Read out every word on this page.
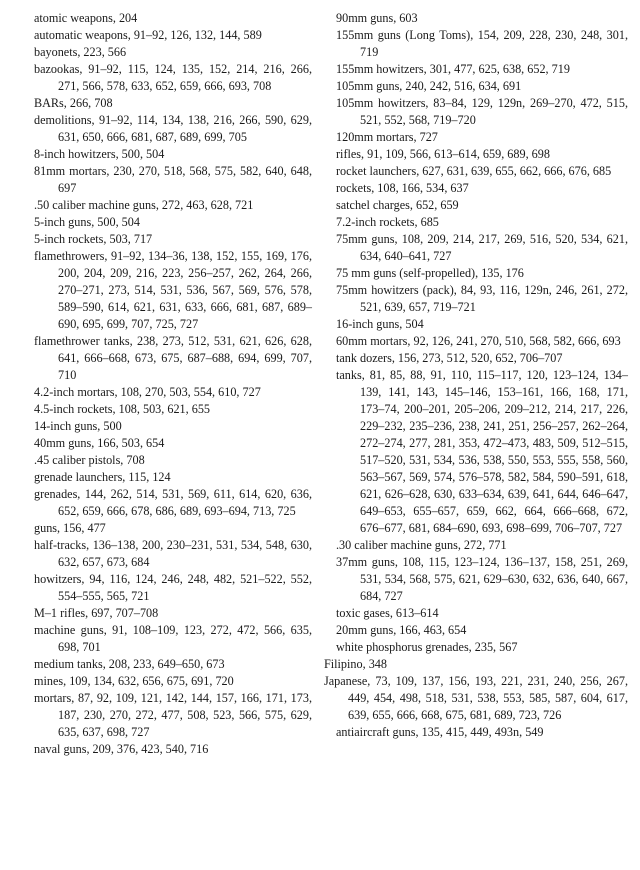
atomic weapons, 204

automatic weapons, 91–92, 126, 132, 144, 589

bayonets, 223, 566

bazookas, 91–92, 115, 124, 135, 152, 214, 216, 266, 271, 566, 578, 633, 652, 659, 666, 693, 708

BARs, 266, 708

demolitions, 91–92, 114, 134, 138, 216, 266, 590, 629, 631, 650, 666, 681, 687, 689, 699, 705

8-inch howitzers, 500, 504

81mm mortars, 230, 270, 518, 568, 575, 582, 640, 648, 697

.50 caliber machine guns, 272, 463, 628, 721

5-inch guns, 500, 504

5-inch rockets, 503, 717

flamethrowers, 91–92, 134–36, 138, 152, 155, 169, 176, 200, 204, 209, 216, 223, 256–257, 262, 264, 266, 270–271, 273, 514, 531, 536, 567, 569, 576, 578, 589–590, 614, 621, 631, 633, 666, 681, 687, 689–690, 695, 699, 707, 725, 727

flamethrower tanks, 238, 273, 512, 531, 621, 626, 628, 641, 666–668, 673, 675, 687–688, 694, 699, 707, 710

4.2-inch mortars, 108, 270, 503, 554, 610, 727

4.5-inch rockets, 108, 503, 621, 655

14-inch guns, 500

40mm guns, 166, 503, 654

.45 caliber pistols, 708

grenade launchers, 115, 124

grenades, 144, 262, 514, 531, 569, 611, 614, 620, 636, 652, 659, 666, 678, 686, 689, 693–694, 713, 725

guns, 156, 477

half-tracks, 136–138, 200, 230–231, 531, 534, 548, 630, 632, 657, 673, 684

howitzers, 94, 116, 124, 246, 248, 482, 521–522, 552, 554–555, 565, 721

M–1 rifles, 697, 707–708

machine guns, 91, 108–109, 123, 272, 472, 566, 635, 698, 701

medium tanks, 208, 233, 649–650, 673

mines, 109, 134, 632, 656, 675, 691, 720

mortars, 87, 92, 109, 121, 142, 144, 157, 166, 171, 173, 187, 230, 270, 272, 477, 508, 523, 566, 575, 629, 635, 637, 698, 727

naval guns, 209, 376, 423, 540, 716

90mm guns, 603

155mm guns (Long Toms), 154, 209, 228, 230, 248, 301, 719

155mm howitzers, 301, 477, 625, 638, 652, 719

105mm guns, 240, 242, 516, 634, 691

105mm howitzers, 83–84, 129, 129n, 269–270, 472, 515, 521, 552, 568, 719–720

120mm mortars, 727

rifles, 91, 109, 566, 613–614, 659, 689, 698

rocket launchers, 627, 631, 639, 655, 662, 666, 676, 685

rockets, 108, 166, 534, 637

satchel charges, 652, 659

7.2-inch rockets, 685

75mm guns, 108, 209, 214, 217, 269, 516, 520, 534, 621, 634, 640–641, 727

75 mm guns (self-propelled), 135, 176

75mm howitzers (pack), 84, 93, 116, 129n, 246, 261, 272, 521, 639, 657, 719–721

16-inch guns, 504

60mm mortars, 92, 126, 241, 270, 510, 568, 582, 666, 693

tank dozers, 156, 273, 512, 520, 652, 706–707

tanks, 81, 85, 88, 91, 110, 115–117, 120, 123–124, 134–139, 141, 143, 145–146, 153–161, 166, 168, 171, 173–74, 200–201, 205–206, 209–212, 214, 217, 226, 229–232, 235–236, 238, 241, 251, 256–257, 262–264, 272–274, 277, 281, 353, 472–473, 483, 509, 512–515, 517–520, 531, 534, 536, 538, 550, 553, 555, 558, 560, 563–567, 569, 574, 576–578, 582, 584, 590–591, 618, 621, 626–628, 630, 633–634, 639, 641, 644, 646–647, 649–653, 655–657, 659, 662, 664, 666–668, 672, 676–677, 681, 684–690, 693, 698–699, 706–707, 727

.30 caliber machine guns, 272, 771

37mm guns, 108, 115, 123–124, 136–137, 158, 251, 269, 531, 534, 568, 575, 621, 629–630, 632, 636, 640, 667, 684, 727

toxic gases, 613–614

20mm guns, 166, 463, 654

white phosphorus grenades, 235, 567

Filipino, 348

Japanese, 73, 109, 137, 156, 193, 221, 231, 240, 256, 267, 449, 454, 498, 518, 531, 538, 553, 585, 587, 604, 617, 639, 655, 666, 668, 675, 681, 689, 723, 726

antiaircraft guns, 135, 415, 449, 493n, 549
